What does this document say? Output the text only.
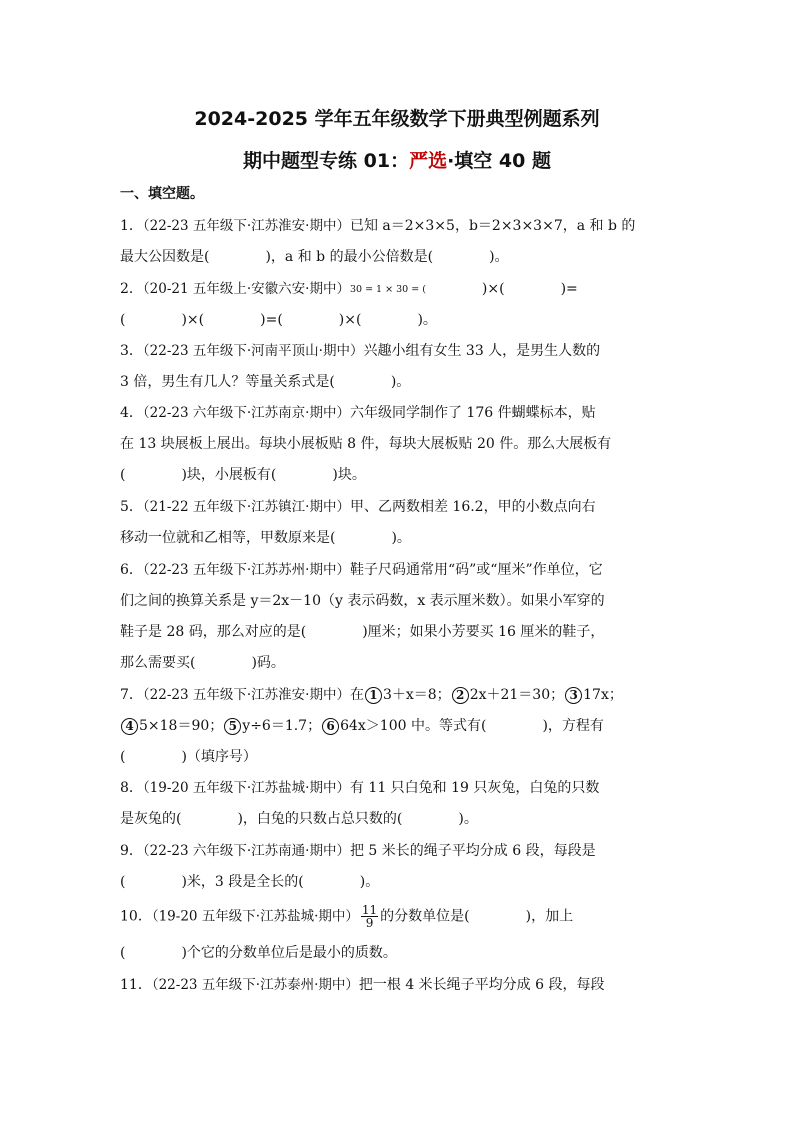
2024-2025 学年五年级数学下册典型例题系列
期中题型专练 01：严选·填空 40 题
一、填空题。
1．（22-23 五年级下·江苏淮安·期中）已知 a＝2×3×5，b＝2×3×3×7，a 和 b 的
最大公因数是(	)，a 和 b 的最小公倍数是(	)。
2．（20-21 五年级上·安徽六安·期中）30 = 1 × 30 = (	)×(	)=
(	)×(	)=(	)×(	)。
3．（22-23 五年级下·河南平顶山·期中）兴趣小组有女生 33 人，是男生人数的
3 倍，男生有几人？等量关系式是(	)。
4．（22-23 六年级下·江苏南京·期中）六年级同学制作了 176 件蝴蝶标本，贴
在 13 块展板上展出。每块小展板贴 8 件，每块大展板贴 20 件。那么大展板有
(	)块，小展板有(	)块。
5．（21-22 五年级下·江苏镇江·期中）甲、乙两数相差 16.2，甲的小数点向右
移动一位就和乙相等，甲数原来是(	)。
6．（22-23 五年级下·江苏苏州·期中）鞋子尺码通常用“码”或“厘米”作单位，它
们之间的换算关系是 y＝2x－10（y 表示码数，x 表示厘米数）。如果小军穿的
鞋子是 28 码，那么对应的是(	)厘米；如果小芳要买 16 厘米的鞋子，
那么需要买(	)码。
7．（22-23 五年级下·江苏淮安·期中）在 1 3＋x＝8； 2 2x＋21＝30； 3 17x；
4 5×18＝90； 5 y÷6＝1.7； 6 64x＞100 中。等式有(	)，方程有
(	)（填序号）
8．（19-20 五年级下·江苏盐城·期中）有 11 只白兔和 19 只灰兔，白兔的只数
是灰兔的(	)，白兔的只数占总只数的(	)。
9．（22-23 六年级下·江苏南通·期中）把 5 米长的绳子平均分成 6 段，每段是
(	)米，3 段是全长的(	)。
10．（19-20 五年级下·江苏盐城·期中） $\frac{11}{9}$ 的分数单位是(	)，加上
(	)个它的分数单位后是最小的质数。
11．（22-23 五年级下·江苏泰州·期中）把一根 4 米长绳子平均分成 6 段，每段
